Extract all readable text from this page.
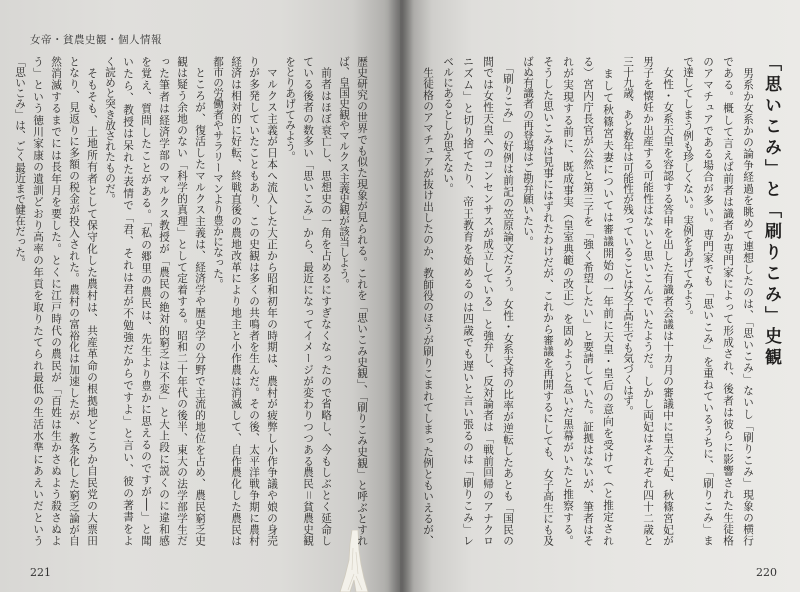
女帝・貧農史観・個人情報
221
歴史研究の世界でも似た現象が見られる。これを「思いこみ史観」、「刷りこみ史観」と呼ぶとすれ
ば、皇国史観やマルクス主義史観が該当しよう。
　前者はほぼ衰亡し、思想史の一角を占めるにすぎなくなったので省略し、今もしぶとく延命し
ている後者の数多い「思いこみ」から、最近になってイメージが変わりつつある農民＝貧農史観
をとりあげてみよう。
　マルクス主義が日本へ流入した大正から昭和初年の時期は、農村が疲弊し小作争議や娘の身売
りが多発していたこともあり、この史観は多くの共鳴者を生んだ。その後、太平洋戦争期に農村
経済は相対的に好転、終戦直後の農地改革により地主と小作農は消滅して、自作農化した農民は
都市の労働者やサラリーマンより豊かになった。
　ところが、復活したマルクス主義は、経済学や歴史学の分野で主流的地位を占め、農民窮乏史
観は疑う余地のない「科学的真理」として定着する。昭和二十年代の後半、東大の法学部学生だ
った筆者は経済学部のマルクス教授が「農民の絶対的窮乏は不変」と大上段に説くのに違和感
を覚え、質問したことがある。「私の郷里の農民は、先生より豊かに思えるのですが──」と聞
いたら、教授は呆れた表情で「君、それは君が不勉強だからですよ」と言い、彼の著書をよ
く読めと突き放されたものだ。
　そもそも、土地所有者として保守化した農村は、共産革命の根拠地どころか自民党の大票田
となり、見返りに多額の税金が投入された。農村の富裕化は加速したが、教条化した窮乏論が自
然消滅するまでには長年月を要した。とくに江戸時代の農民が「百姓は生かさぬよう殺さぬよ
う」という徳川家康の遺訓どおり高率の年貢を取りたてられ最低の生活水準にあえいだという
「思いこみ」は、ごく最近まで健在だった。	「思いこみ」と「刷りこみ」史観
220
　男系か女系かの論争経過を眺めて連想したのは、「思いこみ」ないし「刷りこみ」現象の横行
である。概して言えば前者は識者か専門家によって形成され、後者は彼らに影響された生徒格
のアマチュアである場合が多い。専門家でも「思いこみ」を重ねているうちに、「刷りこみ」ま
で達してしまう例も珍しくない。実例をあげてみよう。
　女性・女系天皇を容認する答申を出した有識者会議は十カ月の審議中に皇太子妃、秋篠宮妃が
男子を懐妊か出産する可能性はないと思いこんでいたようだ。しかし両妃はそれぞれ四十二歳と
三十九歳、あと数年は可能性が残っていることは女子高生でも気づくはず。
　まして秋篠宮夫妻については審議開始の一年前に天皇・皇后の意向を受けて（と推定され
る）宮内庁長官が公然と第三子を「強く希望したい」と要請していた。証拠はないが、筆者はそ
れが実現する前に、既成事実（皇室典範の改正）を固めようと急いだ黒幕がいたと推察する。
そうした思いこみは見事にはずれたわけだが、これから審議を再開するにしても、女子高生にも及
ばぬ有識者の再登場はご勘弁願いたい。
　「刷りこみ」の好例は前記の笠原論文だろう。女性・女系支持の比率が逆転したあとも「国民の
間では女性天皇へのコンセンサスが成立している」と強弁し、反対論者は「戦前回帰のアナクロ
ニズム」と切り捨てたり、帝王教育を始めるのは四歳でも遅いと言い張るのは「刷りこみ」レ
ベルにあるとしか思えない。
　生徒格のアマチュアが抜け出したのか、教師役のほうが刷りこまれてしまった例ともいえるが、
